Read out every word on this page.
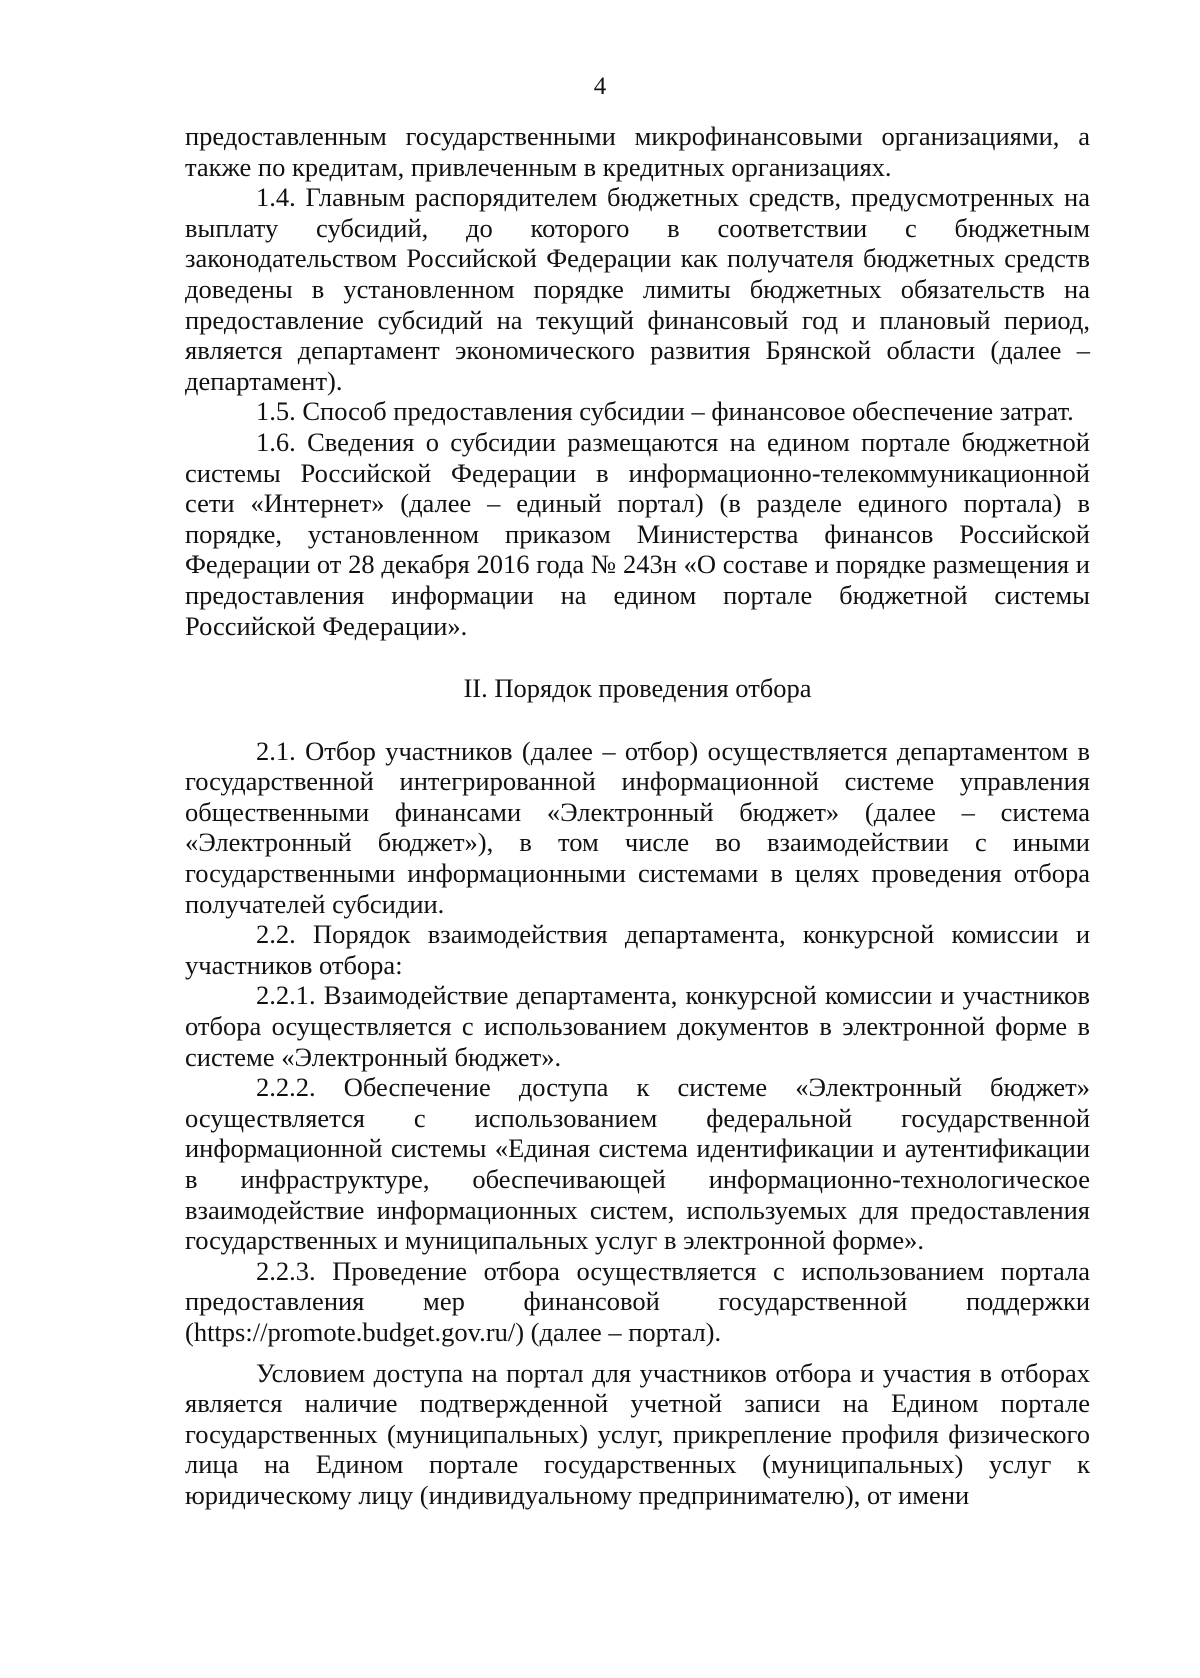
4

предоставленным государственными микрофинансовыми организациями, а также по кредитам, привлеченным в кредитных организациях.

1.4. Главным распорядителем бюджетных средств, предусмотренных на выплату субсидий, до которого в соответствии с бюджетным законодательством Российской Федерации как получателя бюджетных средств доведены в установленном порядке лимиты бюджетных обязательств на предоставление субсидий на текущий финансовый год и плановый период, является департамент экономического развития Брянской области (далее – департамент).

1.5. Способ предоставления субсидии – финансовое обеспечение затрат.

1.6. Сведения о субсидии размещаются на едином портале бюджетной системы Российской Федерации в информационно-телекоммуникационной сети «Интернет» (далее – единый портал) (в разделе единого портала) в порядке, установленном приказом Министерства финансов Российской Федерации от 28 декабря 2016 года № 243н «О составе и порядке размещения и предоставления информации на едином портале бюджетной системы Российской Федерации».

II. Порядок проведения отбора

2.1. Отбор участников (далее – отбор) осуществляется департаментом в государственной интегрированной информационной системе управления общественными финансами «Электронный бюджет» (далее – система «Электронный бюджет»), в том числе во взаимодействии с иными государственными информационными системами в целях проведения отбора получателей субсидии.

2.2. Порядок взаимодействия департамента, конкурсной комиссии и участников отбора:

2.2.1. Взаимодействие департамента, конкурсной комиссии и участников отбора осуществляется с использованием документов в электронной форме в системе «Электронный бюджет».

2.2.2. Обеспечение доступа к системе «Электронный бюджет» осуществляется с использованием федеральной государственной информационной системы «Единая система идентификации и аутентификации в инфраструктуре, обеспечивающей информационно-технологическое взаимодействие информационных систем, используемых для предоставления государственных и муниципальных услуг в электронной форме».

2.2.3. Проведение отбора осуществляется с использованием портала предоставления мер финансовой государственной поддержки (https://promote.budget.gov.ru/) (далее – портал).

Условием доступа на портал для участников отбора и участия в отборах является наличие подтвержденной учетной записи на Едином портале государственных (муниципальных) услуг, прикрепление профиля физического лица на Едином портале государственных (муниципальных) услуг к юридическому лицу (индивидуальному предпринимателю), от имени
